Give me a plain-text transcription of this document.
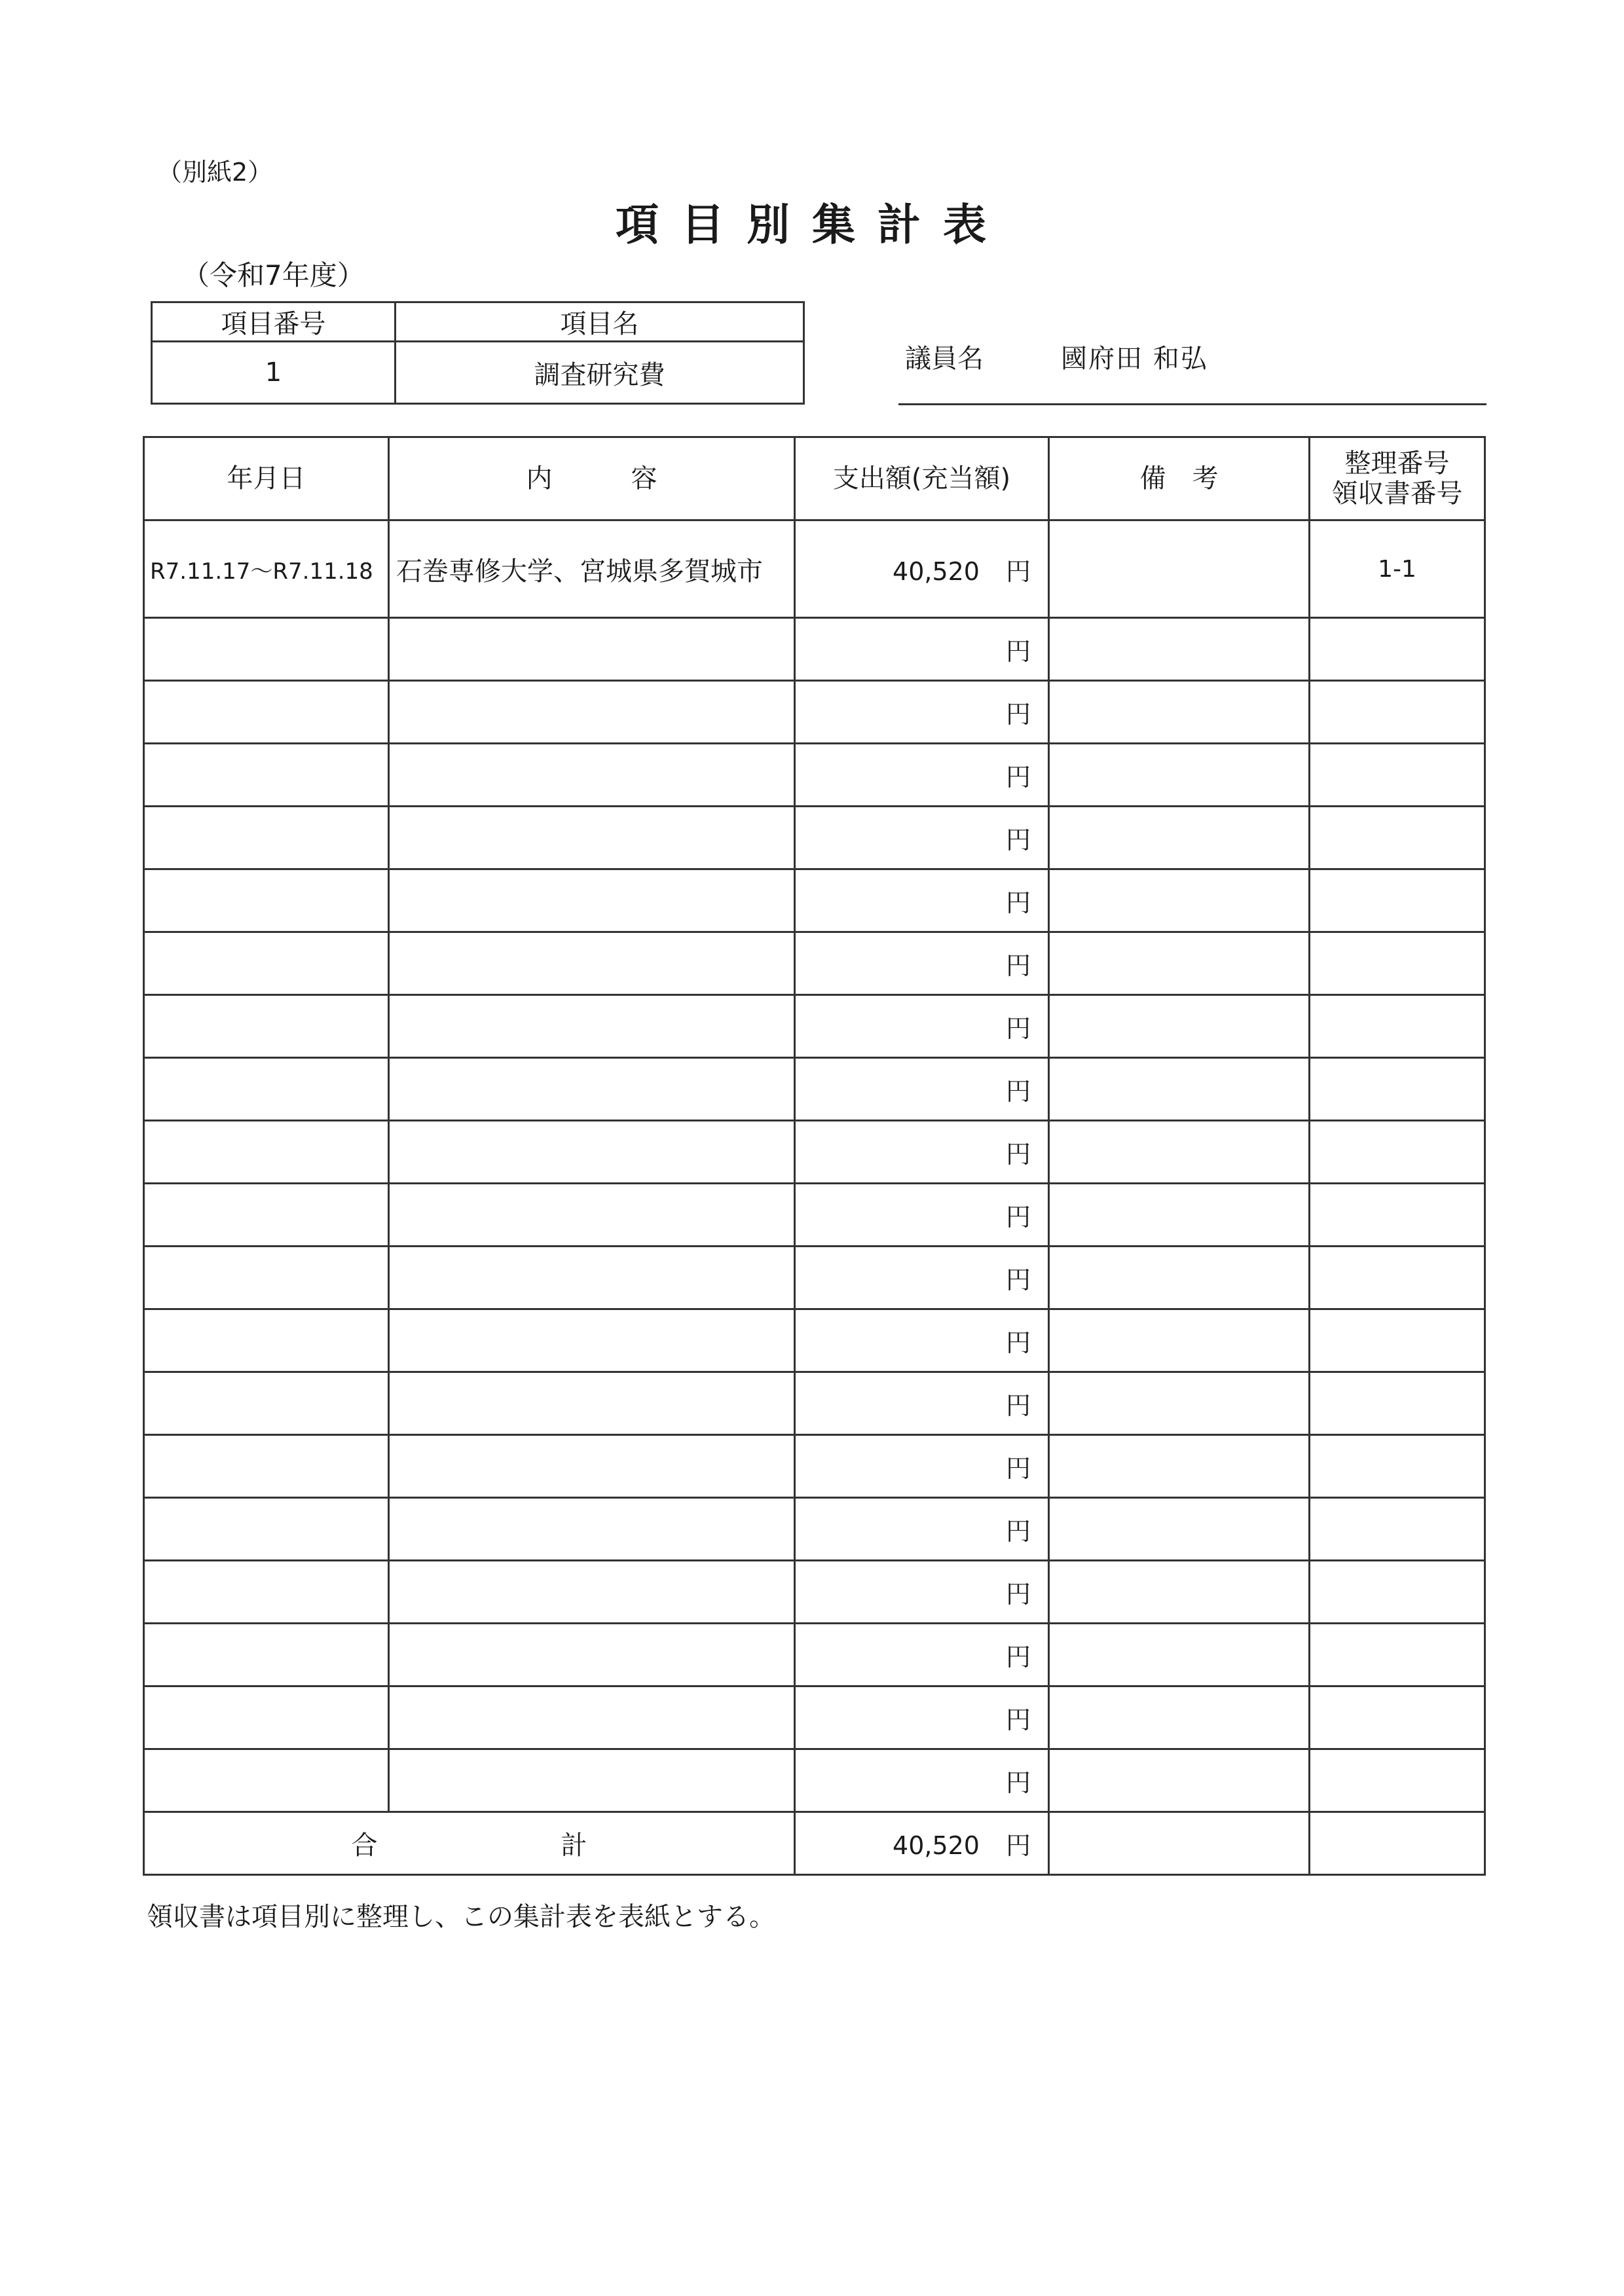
（別紙2）
項目別集計表
（令和7年度）
項目番号	項目名
1	調査研究費
議員名	國府田 和弘
年月日	内　　　容	支出額(充当額)	備　考	整理番号
領収書番号

R7.11.17～R7.11.18	石巻専修大学、宮城県多賀城市	40,520 円		1-1
		円		
		円		
		円		
		円		
		円		
		円		
		円		
		円		
		円		
		円		
		円		
		円		
		円		
		円		
		円		
		円		
		円		
		円		
		円		
合　計		40,520 円		
領収書は項目別に整理し、この集計表を表紙とする。
